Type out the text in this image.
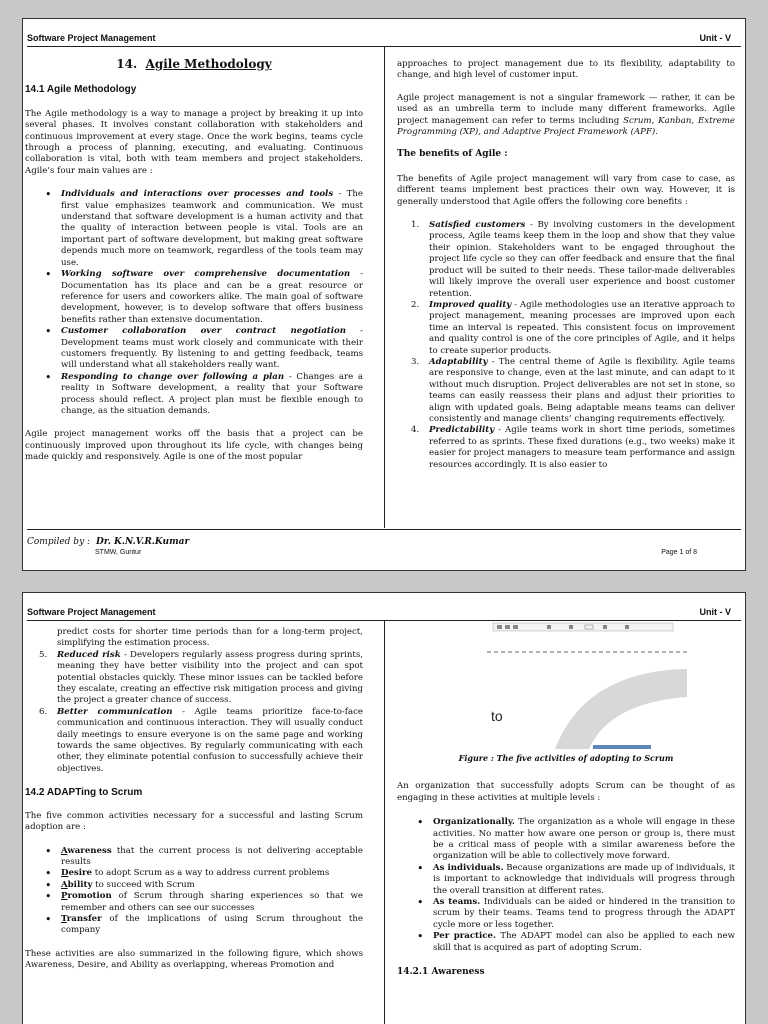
Software Project Management	Unit - V
14. Agile Methodology
14.1 Agile Methodology

The Agile methodology is a way to manage a project by breaking it up into several phases. It involves constant collaboration with stakeholders and continuous improvement at every stage. Once the work begins, teams cycle through a process of planning, executing, and evaluating. Continuous collaboration is vital, both with team members and project stakeholders. Agile’s four main values are :

• Individuals and interactions over processes and tools - The first value emphasizes teamwork and communication. We must understand that software development is a human activity and that the quality of interaction between people is vital. Tools are an important part of software development, but making great software depends much more on teamwork, regardless of the tools team may use.
• Working software over comprehensive documentation - Documentation has its place and can be a great resource or reference for users and coworkers alike. The main goal of software development, however, is to develop software that offers business benefits rather than extensive documentation.
• Customer collaboration over contract negotiation - Development teams must work closely and communicate with their customers frequently. By listening to and getting feedback, teams will understand what all stakeholders really want.
• Responding to change over following a plan - Changes are a reality in Software development, a reality that your Software process should reflect. A project plan must be flexible enough to change, as the situation demands.

Agile project management works off the basis that a project can be continuously improved upon throughout its life cycle, with changes being made quickly and responsively. Agile is one of the most popular

approaches to project management due to its flexibility, adaptability to change, and high level of customer input.

Agile project management is not a singular framework — rather, it can be used as an umbrella term to include many different frameworks. Agile project management can refer to terms including Scrum, Kanban, Extreme Programming (XP), and Adaptive Project Framework (APF).

The benefits of Agile :

The benefits of Agile project management will vary from case to case, as different teams implement best practices their own way. However, it is generally understood that Agile offers the following core benefits :

1. Satisfied customers - By involving customers in the development process, Agile teams keep them in the loop and show that they value their opinion. Stakeholders want to be engaged throughout the project life cycle so they can offer feedback and ensure that the final product will be suited to their needs. These tailor-made deliverables will likely improve the overall user experience and boost customer retention.
2. Improved quality - Agile methodologies use an iterative approach to project management, meaning processes are improved upon each time an interval is repeated. This consistent focus on improvement and quality control is one of the core principles of Agile, and it helps to create superior products.
3. Adaptability - The central theme of Agile is flexibility. Agile teams are responsive to change, even at the last minute, and can adapt to it without much disruption. Project deliverables are not set in stone, so teams can easily reassess their plans and adjust their priorities to align with updated goals. Being adaptable means teams can deliver consistently and manage clients’ changing requirements effectively.
4. Predictability - Agile teams work in short time periods, sometimes referred to as sprints. These fixed durations (e.g., two weeks) make it easier for project managers to measure team performance and assign resources accordingly. It is also easier to
Compiled by : Dr. K.N.V.R.Kumar
STMW, Guntur	Page 1 of 8
Software Project Management	Unit - V
predict costs for shorter time periods than for a long-term project, simplifying the estimation process.
5. Reduced risk - Developers regularly assess progress during sprints, meaning they have better visibility into the project and can spot potential obstacles quickly. These minor issues can be tackled before they escalate, creating an effective risk mitigation process and giving the project a greater chance of success.
6. Better communication - Agile teams prioritize face-to-face communication and continuous interaction. They will usually conduct daily meetings to ensure everyone is on the same page and working towards the same objectives. By regularly communicating with each other, they eliminate potential confusion to successfully achieve their objectives.
14.2 ADAPTing to Scrum

The five common activities necessary for a successful and lasting Scrum adoption are :

• Awareness that the current process is not delivering acceptable results
• Desire to adopt Scrum as a way to address current problems
• Ability to succeed with Scrum
• Promotion of Scrum through sharing experiences so that we remember and others can see our successes
• Transfer of the implications of using Scrum throughout the company

These activities are also summarized in the following figure, which shows Awareness, Desire, and Ability as overlapping, whereas Promotion and

to
Figure : The five activities of adopting to Scrum

An organization that successfully adopts Scrum can be thought of as engaging in these activities at multiple levels :

• Organizationally. The organization as a whole will engage in these activities. No matter how aware one person or group is, there must be a critical mass of people with a similar awareness before the organization will be able to collectively move forward.
• As individuals. Because organizations are made up of individuals, it is important to acknowledge that individuals will progress through the overall transition at different rates.
• As teams. Individuals can be aided or hindered in the transition to scrum by their teams. Teams tend to progress through the ADAPT cycle more or less together.
• Per practice. The ADAPT model can also be applied to each new skill that is acquired as part of adopting Scrum.
14.2.1 Awareness
